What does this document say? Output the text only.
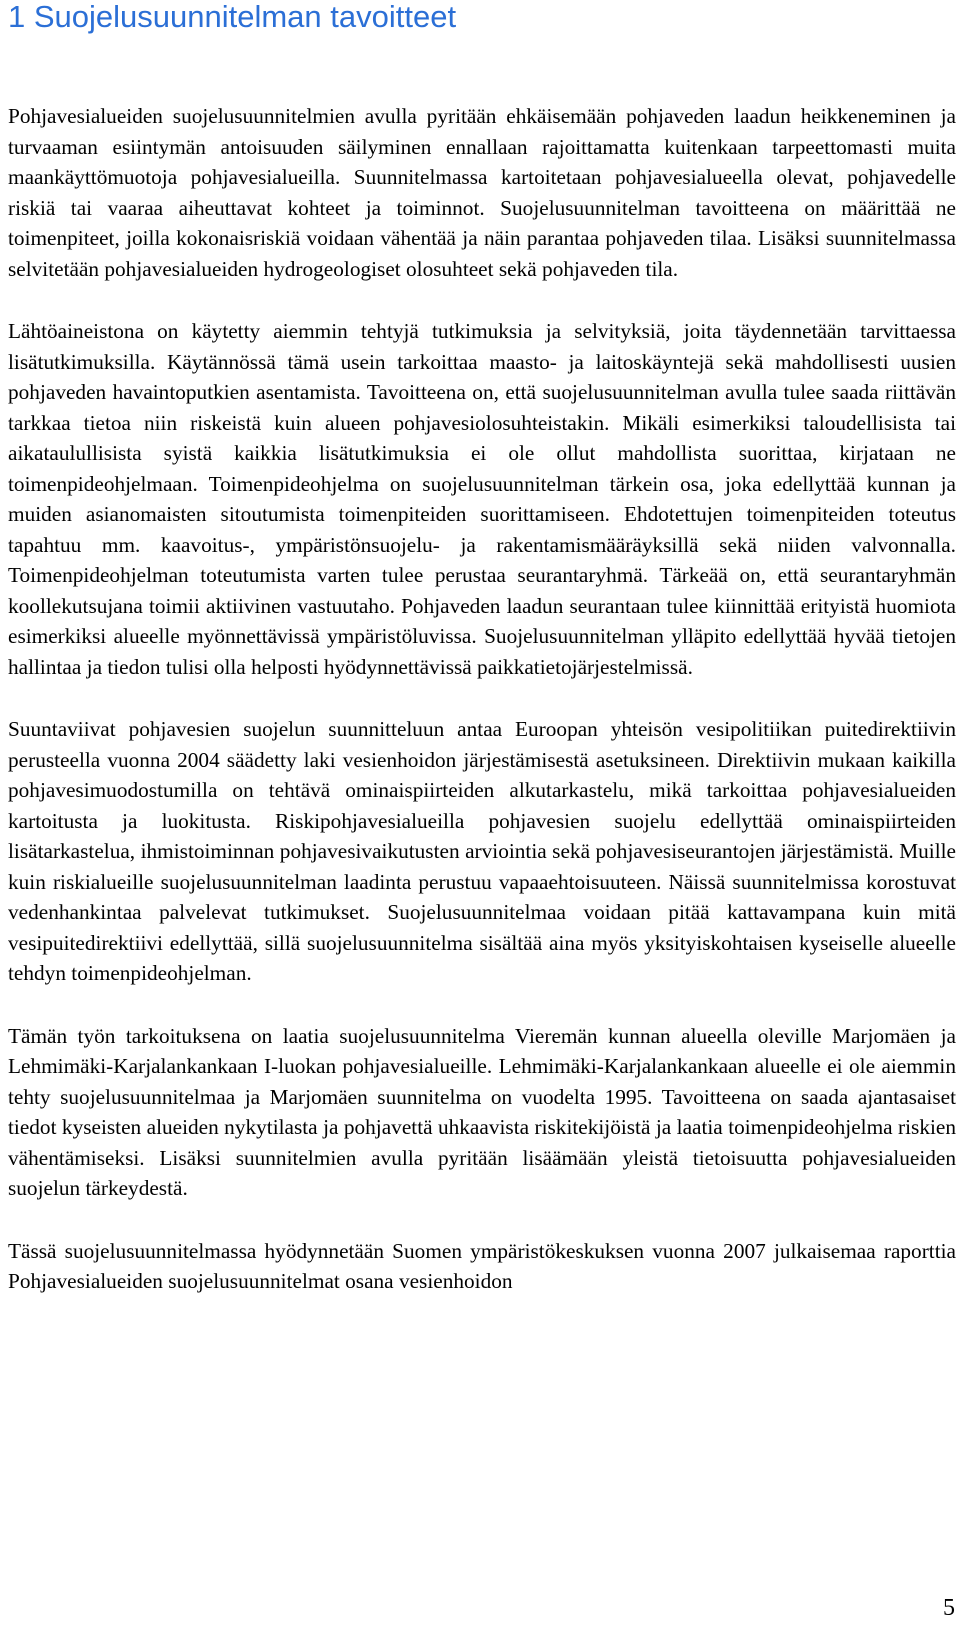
1 Suojelusuunnitelman tavoitteet

Pohjavesialueiden suojelusuunnitelmien avulla pyritään ehkäisemään pohjaveden laadun heikkeneminen ja turvaaman esiintymän antoisuuden säilyminen ennallaan rajoittamatta kuitenkaan tarpeettomasti muita maankäyttömuotoja pohjavesialueilla. Suunnitelmassa kartoitetaan pohjavesialueella olevat, pohjavedelle riskiä tai vaaraa aiheuttavat kohteet ja toiminnot. Suojelusuunnitelman tavoitteena on määrittää ne toimenpiteet, joilla kokonaisriskiä voidaan vähentää ja näin parantaa pohjaveden tilaa. Lisäksi suunnitelmassa selvitetään pohjavesialueiden hydrogeologiset olosuhteet sekä pohjaveden tila.

Lähtöaineistona on käytetty aiemmin tehtyjä tutkimuksia ja selvityksiä, joita täydennetään tarvittaessa lisätutkimuksilla. Käytännössä tämä usein tarkoittaa maasto- ja laitoskäyntejä sekä mahdollisesti uusien pohjaveden havaintoputkien asentamista. Tavoitteena on, että suojelusuunnitelman avulla tulee saada riittävän tarkkaa tietoa niin riskeistä kuin alueen pohjavesiolosuhteistakin. Mikäli esimerkiksi taloudellisista tai aikataulullisista syistä kaikkia lisätutkimuksia ei ole ollut mahdollista suorittaa, kirjataan ne toimenpideohjelmaan. Toimenpideohjelma on suojelusuunnitelman tärkein osa, joka edellyttää kunnan ja muiden asianomaisten sitoutumista toimenpiteiden suorittamiseen. Ehdotettujen toimenpiteiden toteutus tapahtuu mm. kaavoitus-, ympäristönsuojelu- ja rakentamismääräyksillä sekä niiden valvonnalla. Toimenpideohjelman toteutumista varten tulee perustaa seurantaryhmä. Tärkeää on, että seurantaryhmän koollekutsujana toimii aktiivinen vastuutaho. Pohjaveden laadun seurantaan tulee kiinnittää erityistä huomiota esimerkiksi alueelle myönnettävissä ympäristöluvissa. Suojelusuunnitelman ylläpito edellyttää hyvää tietojen hallintaa ja tiedon tulisi olla helposti hyödynnettävissä paikkatietojärjestelmissä.

Suuntaviivat pohjavesien suojelun suunnitteluun antaa Euroopan yhteisön vesipolitiikan puitedirektiivin perusteella vuonna 2004 säädetty laki vesienhoidon järjestämisestä asetuksineen. Direktiivin mukaan kaikilla pohjavesimuodostumilla on tehtävä ominaispiirteiden alkutarkastelu, mikä tarkoittaa pohjavesialueiden kartoitusta ja luokitusta. Riskipohjavesialueilla pohjavesien suojelu edellyttää ominaispiirteiden lisätarkastelua, ihmistoiminnan pohjavesivaikutusten arviointia sekä pohjavesiseurantojen järjestämistä. Muille kuin riskialueille suojelusuunnitelman laadinta perustuu vapaaehtoisuuteen. Näissä suunnitelmissa korostuvat vedenhankintaa palvelevat tutkimukset. Suojelusuunnitelmaa voidaan pitää kattavampana kuin mitä vesipuitedirektiivi edellyttää, sillä suojelusuunnitelma sisältää aina myös yksityiskohtaisen kyseiselle alueelle tehdyn toimenpideohjelman.

Tämän työn tarkoituksena on laatia suojelusuunnitelma Vieremän kunnan alueella oleville Marjomäen ja Lehmimäki-Karjalankankaan I-luokan pohjavesialueille. Lehmimäki-Karjalankankaan alueelle ei ole aiemmin tehty suojelusuunnitelmaa ja Marjomäen suunnitelma on vuodelta 1995. Tavoitteena on saada ajantasaiset tiedot kyseisten alueiden nykytilasta ja pohjavettä uhkaavista riskitekijöistä ja laatia toimenpideohjelma riskien vähentämiseksi. Lisäksi suunnitelmien avulla pyritään lisäämään yleistä tietoisuutta pohjavesialueiden suojelun tärkeydestä.

Tässä suojelusuunnitelmassa hyödynnetään Suomen ympäristökeskuksen vuonna 2007 julkaisemaa raporttia Pohjavesialueiden suojelusuunnitelmat osana vesienhoidon

5
